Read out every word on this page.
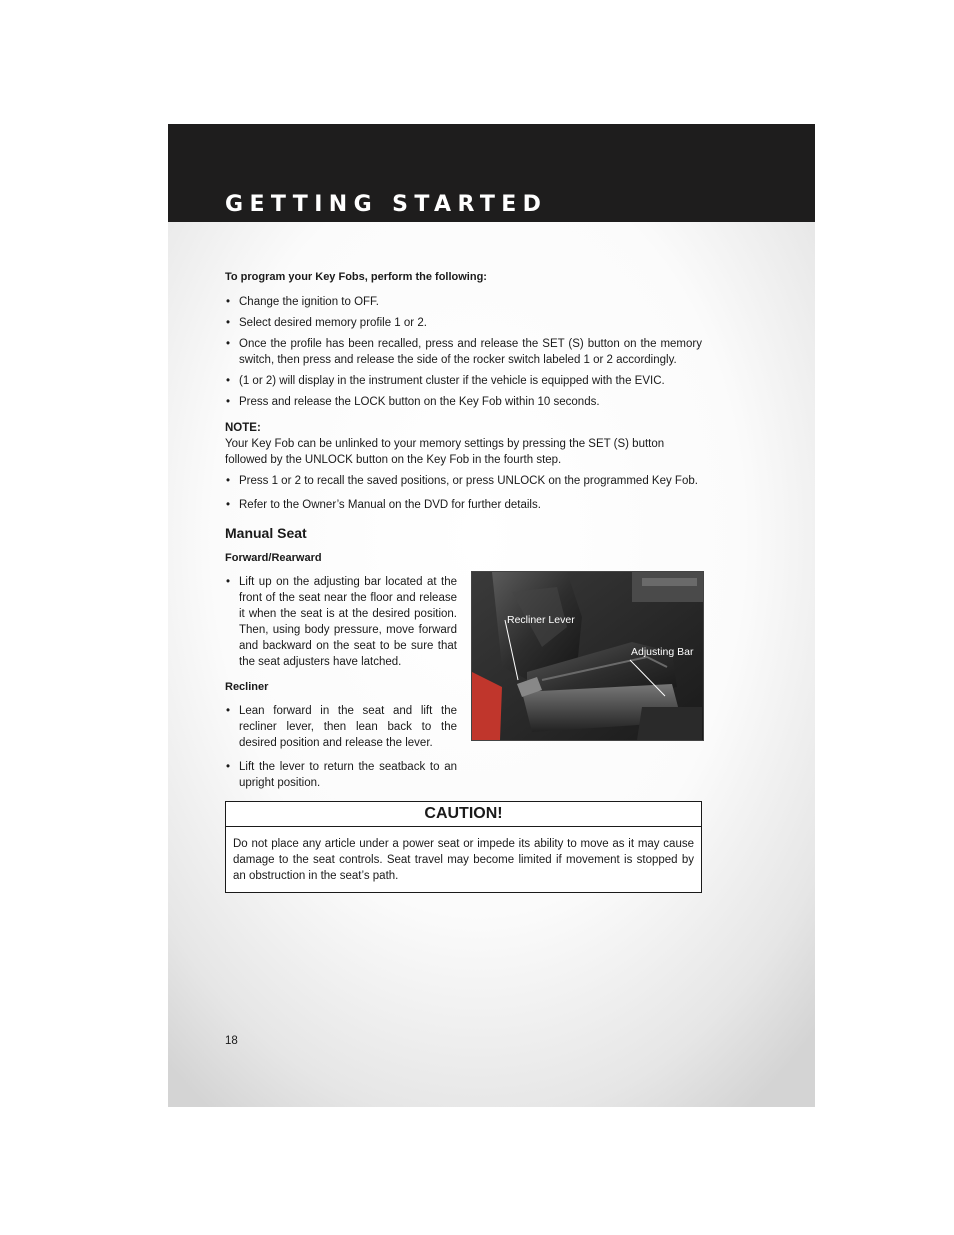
GETTING STARTED
To program your Key Fobs, perform the following:
• Change the ignition to OFF.
• Select desired memory profile 1 or 2.
• Once the profile has been recalled, press and release the SET (S) button on the memory switch, then press and release the side of the rocker switch labeled 1 or 2 accordingly.
• (1 or 2) will display in the instrument cluster if the vehicle is equipped with the EVIC.
• Press and release the LOCK button on the Key Fob within 10 seconds.
NOTE:
Your Key Fob can be unlinked to your memory settings by pressing the SET (S) button followed by the UNLOCK button on the Key Fob in the fourth step.
• Press 1 or 2 to recall the saved positions, or press UNLOCK on the programmed Key Fob.
• Refer to the Owner’s Manual on the DVD for further details.
Manual Seat
Forward/Rearward
• Lift up on the adjusting bar located at the front of the seat near the floor and release it when the seat is at the desired position. Then, using body pressure, move forward and backward on the seat to be sure that the seat adjusters have latched.
Recliner
• Lean forward in the seat and lift the recliner lever, then lean back to the desired position and release the lever.
• Lift the lever to return the seatback to an upright position.
Recliner Lever
Adjusting Bar
CAUTION!
Do not place any article under a power seat or impede its ability to move as it may cause damage to the seat controls. Seat travel may become limited if movement is stopped by an obstruction in the seat’s path.
18
